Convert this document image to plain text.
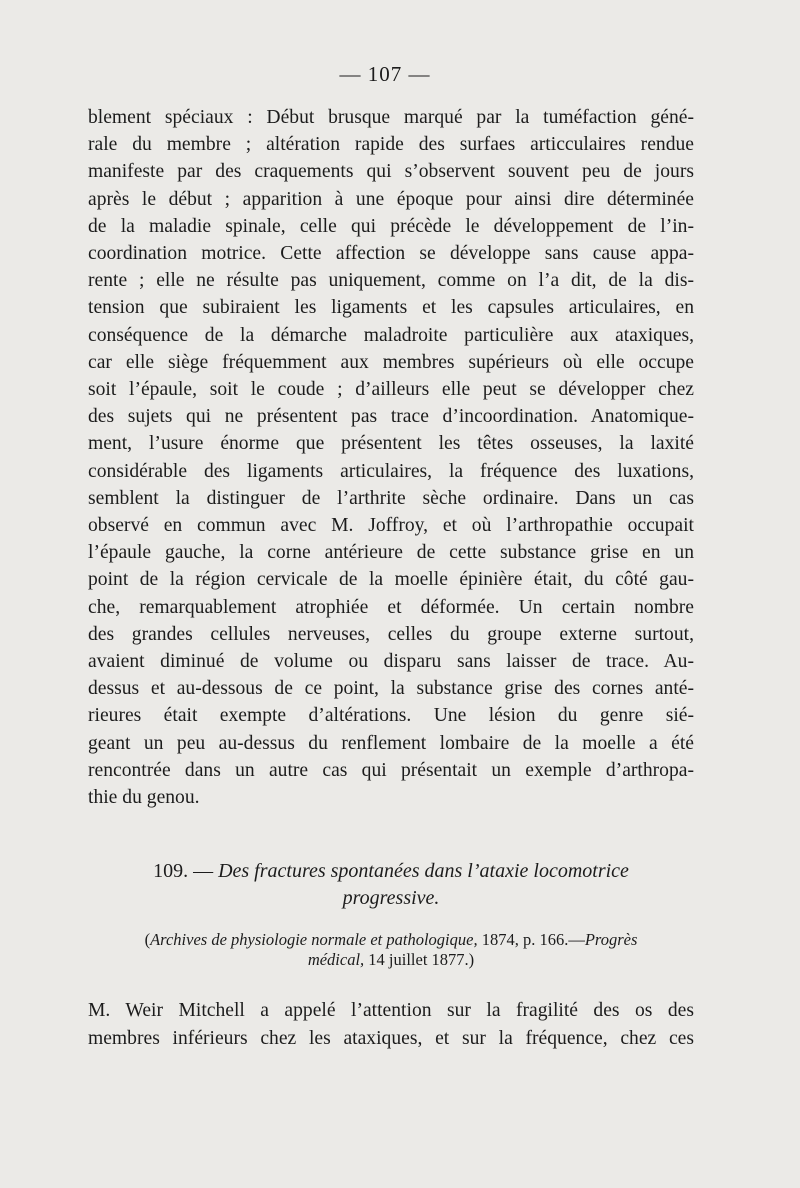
— 107 —
blement spéciaux : Début brusque marqué par la tuméfaction géné-
rale du membre ; altération rapide des surfaes articculaires rendue
manifeste par des craquements qui s’observent souvent peu de jours
après le début ; apparition à une époque pour ainsi dire déterminée
de la maladie spinale, celle qui précède le développement de l’in-
coordination motrice. Cette affection se développe sans cause appa-
rente ; elle ne résulte pas uniquement, comme on l’a dit, de la dis-
tension que subiraient les ligaments et les capsules articulaires, en
conséquence de la démarche maladroite particulière aux ataxiques,
car elle siège fréquemment aux membres supérieurs où elle occupe
soit l’épaule, soit le coude ; d’ailleurs elle peut se développer chez
des sujets qui ne présentent pas trace d’incoordination. Anatomique-
ment, l’usure énorme que présentent les têtes osseuses, la laxité
considérable des ligaments articulaires, la fréquence des luxations,
semblent la distinguer de l’arthrite sèche ordinaire. Dans un cas
observé en commun avec M. Joffroy, et où l’arthropathie occupait
l’épaule gauche, la corne antérieure de cette substance grise en un
point de la région cervicale de la moelle épinière était, du côté gau-
che, remarquablement atrophiée et déformée. Un certain nombre
des grandes cellules nerveuses, celles du groupe externe surtout,
avaient diminué de volume ou disparu sans laisser de trace. Au-
dessus et au-dessous de ce point, la substance grise des cornes anté-
rieures était exempte d’altérations. Une lésion du genre sié-
geant un peu au-dessus du renflement lombaire de la moelle a été
rencontrée dans un autre cas qui présentait un exemple d’arthropa-
thie du genou.
109. — Des fractures spontanées dans l’ataxie locomotrice
progressive.
(Archives de physiologie normale et pathologique, 1874, p. 166.—Progrès
médical, 14 juillet 1877.)
M. Weir Mitchell a appelé l’attention sur la fragilité des os des
membres inférieurs chez les ataxiques, et sur la fréquence, chez ces
